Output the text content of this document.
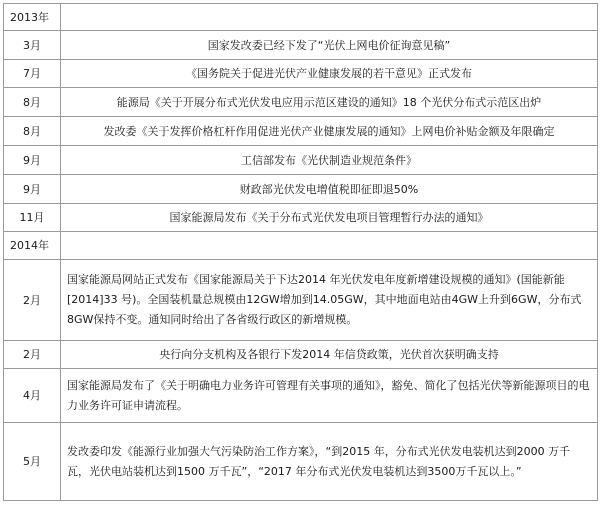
2013年	
3月	国家发改委已经下发了“光伏上网电价征询意见稿”
7月	《国务院关于促进光伏产业健康发展的若干意见》正式发布
8月	能源局《关于开展分布式光伏发电应用示范区建设的通知》18 个光伏分布式示范区出炉
8月	发改委《关于发挥价格杠杆作用促进光伏产业健康发展的通知》上网电价补贴金额及年限确定
9月	工信部发布《光伏制造业规范条件》
9月	财政部光伏发电增值税即征即退50%
11月	国家能源局发布《关于分布式光伏发电项目管理暂行办法的通知》
2014年	
2月	国家能源局网站正式发布《国家能源局关于下达2014 年光伏发电年度新增建设规模的通知》(国能新能[2014]33 号)。全国装机量总规模由12GW增加到14.05GW，其中地面电站由4GW上升到6GW，分布式8GW保持不变。通知同时给出了各省级行政区的新增规模。
2月	央行向分支机构及各银行下发2014 年信贷政策，光伏首次获明确支持
4月	国家能源局发布了《关于明确电力业务许可管理有关事项的通知》，豁免、简化了包括光伏等新能源项目的电力业务许可证申请流程。
5月	发改委印发《能源行业加强大气污染防治工作方案》，“到2015 年，分布式光伏发电装机达到2000 万千瓦，光伏电站装机达到1500 万千瓦”，“2017 年分布式光伏发电装机达到3500万千瓦以上。”
